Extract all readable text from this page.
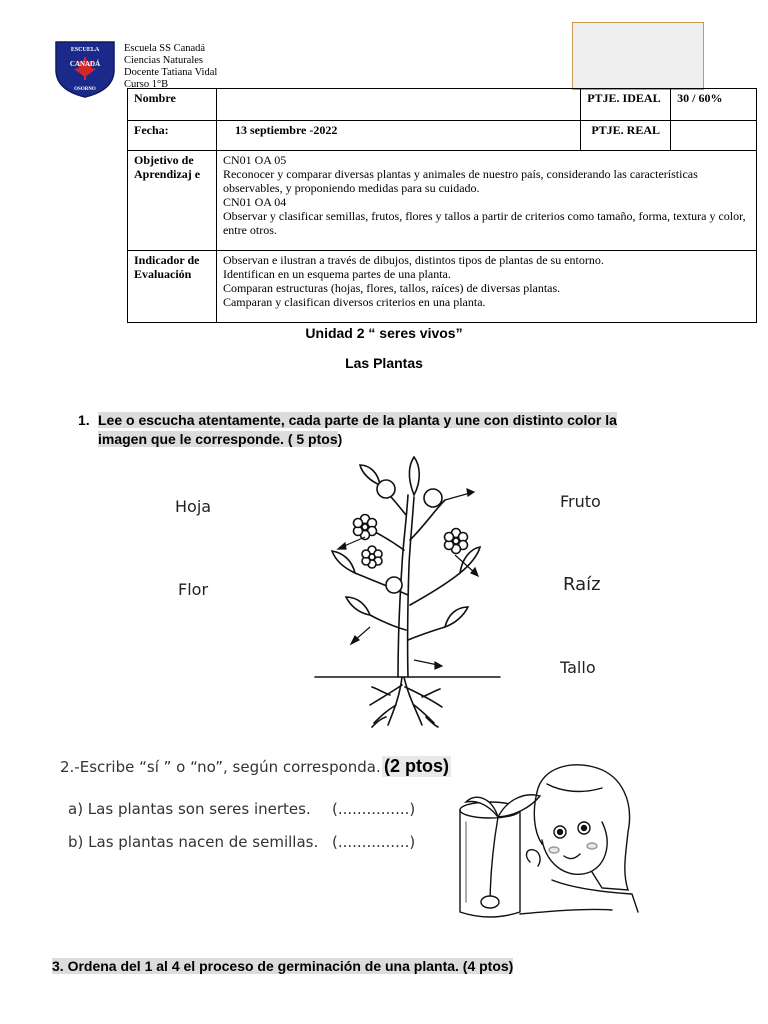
ESCUELA
CANADÁ
OSORNO
Escuela SS Canadá
Ciencias Naturales
Docente Tatiana Vidal
Curso 1°B
Nombre		PTJE. IDEAL	30 / 60%
Fecha:	13 septiembre -2022	PTJE. REAL	
Objetivo de Aprendizaj e	CN01 OA 05
Reconocer y comparar diversas plantas y animales de nuestro país, considerando las características observables, y proponiendo medidas para su cuidado.
CN01 OA 04
Observar y clasificar semillas, frutos, flores y tallos a partir de criterios como tamaño, forma, textura y color, entre otros.		

Indicador de Evaluación	Observan e ilustran a través de dibujos, distintos tipos de plantas de su entorno.
Identifican en un esquema partes de una planta.
Comparan estructuras (hojas, flores, tallos, raíces) de diversas plantas.
Camparan y clasifican diversos criterios en una planta.		
Unidad 2 “ seres vivos”
Las Plantas
1. Lee o escucha atentamente, cada parte de la planta y une con distinto color la
imagen que le corresponde. ( 5 ptos)
Hoja
Flor
Fruto
Raíz
Tallo
2.-Escribe “sí ” o “no”, según corresponda. (2 ptos)
a) Las plantas son seres inertes. (...............)
b) Las plantas nacen de semillas. (...............)
3. Ordena del 1 al 4 el proceso de germinación de una planta. (4 ptos)
